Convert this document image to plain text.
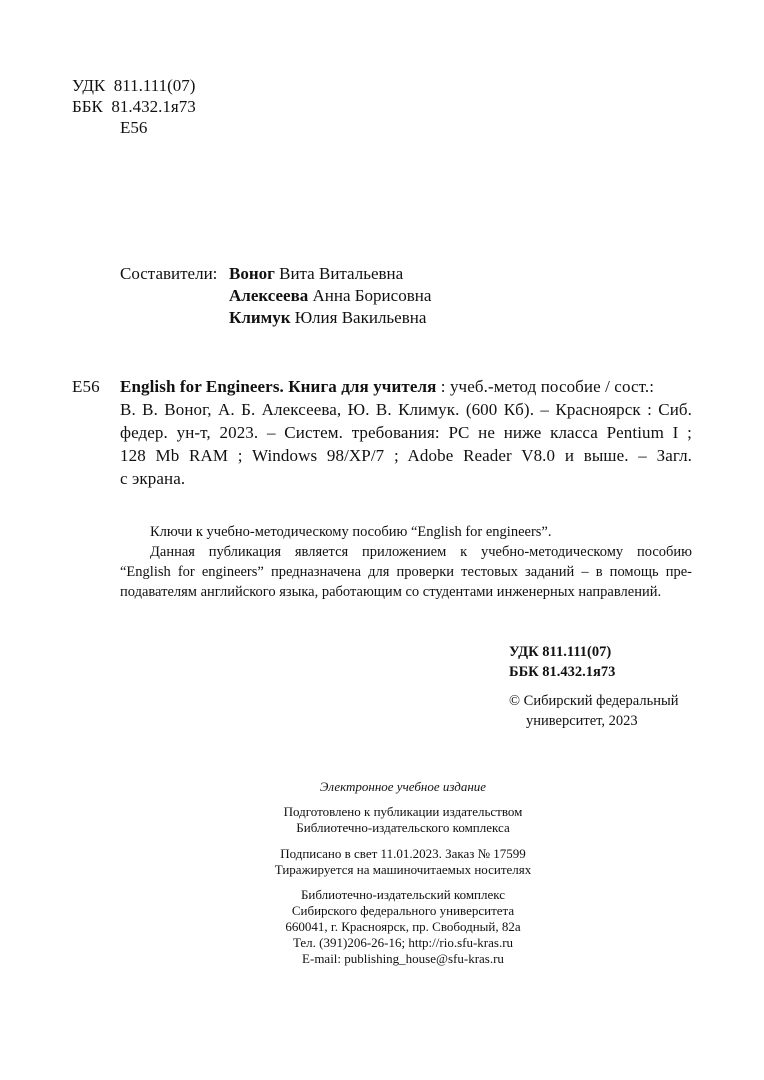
УДК 811.111(07)
ББК 81.432.1я73
Е56
Составители: Воног Вита Витальевна
Алексеева Анна Борисовна
Климук Юлия Вакильевна
Е56 English for Engineers. Книга для учителя : учеб.-метод пособие / сост.:
В. В. Воног, А. Б. Алексеева, Ю. В. Климук. (600 Кб). – Красноярск : Сиб.
федер. ун-т, 2023. – Систем. требования: PC не ниже класса Pentium I ;
128 Mb RAM ; Windows 98/XP/7 ; Adobe Reader V8.0 и выше. – Загл.
с экрана.
Ключи к учебно-методическому пособию “English for engineers”.
Данная публикация является приложением к учебно-методическому пособию
“English for engineers” предназначена для проверки тестовых заданий – в помощь пре-
подавателям английского языка, работающим со студентами инженерных направлений.
УДК 811.111(07)
ББК 81.432.1я73
© Сибирский федеральный
университет, 2023
Электронное учебное издание
Подготовлено к публикации издательством
Библиотечно-издательского комплекса
Подписано в свет 11.01.2023. Заказ № 17599
Тиражируется на машиночитаемых носителях
Библиотечно-издательский комплекс
Сибирского федерального университета
660041, г. Красноярск, пр. Свободный, 82а
Тел. (391)206-26-16; http://rio.sfu-kras.ru
E-mail: publishing_house@sfu-kras.ru
